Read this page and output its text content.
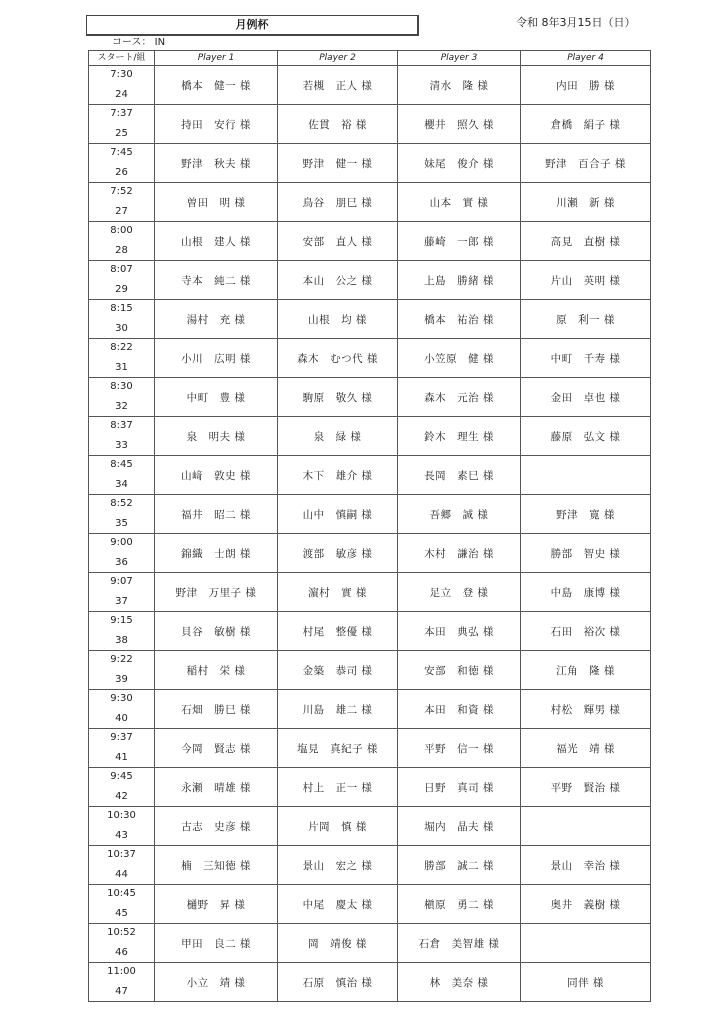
月例杯	令和 8年3月15日（日）
コース： IN
スタート/組	Player 1	Player 2	Player 3	Player 4

7:30
24	橋本　健一 様	若槻　正人 様	清水　隆 様	内田　勝 様

7:37
25	持田　安行 様	佐貫　裕 様	櫻井　照久 様	倉橋　絹子 様

7:45
26	野津　秋夫 様	野津　健一 様	妹尾　俊介 様	野津　百合子 様

7:52
27	曽田　明 様	鳥谷　朋巳 様	山本　實 様	川瀬　新 様

8:00
28	山根　建人 様	安部　直人 様	藤崎　一郎 様	高見　直樹 様

8:07
29	寺本　純二 様	本山　公之 様	上島　勝緒 様	片山　英明 様

8:15
30	湯村　充 様	山根　均 様	橋本　祐治 様	原　利一 様

8:22
31	小川　広明 様	森木　むつ代 様	小笠原　健 様	中町　千寿 様

8:30
32	中町　豊 様	駒原　敬久 様	森木　元治 様	金田　卓也 様

8:37
33	泉　明夫 様	泉　緑 様	鈴木　理生 様	藤原　弘文 様

8:45
34	山﨑　敦史 様	木下　雄介 様	長岡　素巳 様	

8:52
35	福井　昭二 様	山中　慎嗣 様	吾郷　誠 様	野津　寛 様

9:00
36	錦織　士朗 様	渡部　敏彦 様	木村　謙治 様	勝部　智史 様

9:07
37	野津　万里子 様	濵村　實 様	足立　登 様	中島　康博 様

9:15
38	貝谷　敏樹 様	村尾　整優 様	本田　典弘 様	石田　裕次 様

9:22
39	稲村　栄 様	金築　恭司 様	安部　和徳 様	江角　隆 様

9:30
40	石畑　勝巳 様	川島　雄二 様	本田　和資 様	村松　輝男 様

9:37
41	今岡　賢志 様	塩見　真紀子 様	平野　信一 様	福光　靖 様

9:45
42	永瀬　晴雄 様	村上　正一 様	日野　真司 様	平野　賢治 様

10:30
43	古志　史彦 様	片岡　慎 様	堀内　晶夫 様	

10:37
44	楠　三知徳 様	景山　宏之 様	勝部　誠二 様	景山　幸治 様

10:45
45	樋野　昇 様	中尾　慶太 様	槇原　勇二 様	奥井　義樹 様

10:52
46	甲田　良二 様	岡　靖俊 様	石倉　美智雄 様	

11:00
47	小立　靖 様	石原　慎治 様	林　美奈 様	同伴 様
